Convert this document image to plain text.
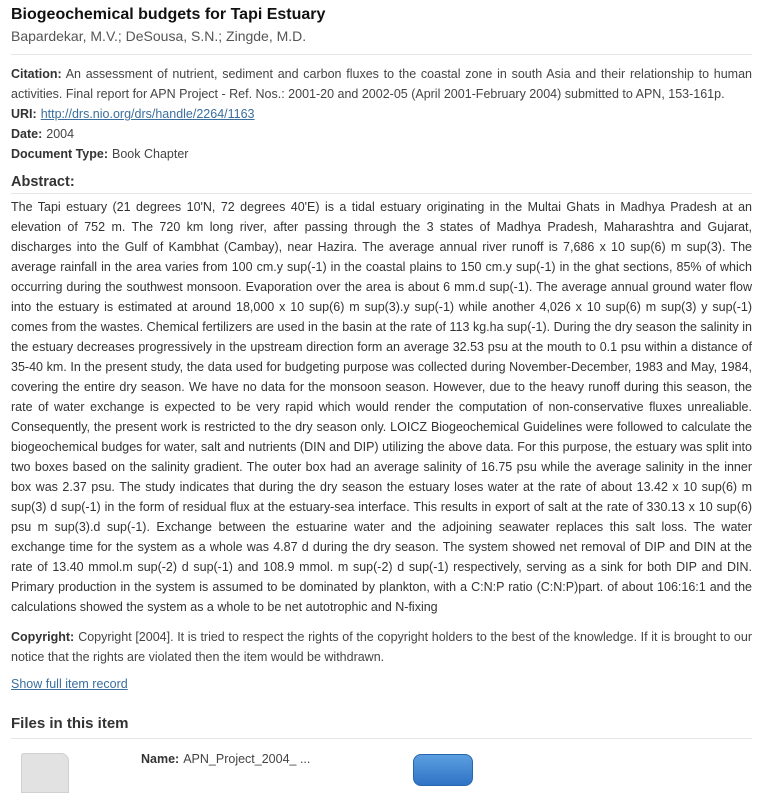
Biogeochemical budgets for Tapi Estuary
Bapardekar, M.V.; DeSousa, S.N.; Zingde, M.D.
Citation: An assessment of nutrient, sediment and carbon fluxes to the coastal zone in south Asia and their relationship to human activities. Final report for APN Project - Ref. Nos.: 2001-20 and 2002-05 (April 2001-February 2004) submitted to APN, 153-161p.
URI: http://drs.nio.org/drs/handle/2264/1163
Date: 2004
Document Type: Book Chapter
Abstract:
The Tapi estuary (21 degrees 10'N, 72 degrees 40'E) is a tidal estuary originating in the Multai Ghats in Madhya Pradesh at an elevation of 752 m. The 720 km long river, after passing through the 3 states of Madhya Pradesh, Maharashtra and Gujarat, discharges into the Gulf of Kambhat (Cambay), near Hazira. The average annual river runoff is 7,686 x 10 sup(6) m sup(3). The average rainfall in the area varies from 100 cm.y sup(-1) in the coastal plains to 150 cm.y sup(-1) in the ghat sections, 85% of which occurring during the southwest monsoon. Evaporation over the area is about 6 mm.d sup(-1). The average annual ground water flow into the estuary is estimated at around 18,000 x 10 sup(6) m sup(3).y sup(-1) while another 4,026 x 10 sup(6) m sup(3) y sup(-1) comes from the wastes. Chemical fertilizers are used in the basin at the rate of 113 kg.ha sup(-1). During the dry season the salinity in the estuary decreases progressively in the upstream direction form an average 32.53 psu at the mouth to 0.1 psu within a distance of 35-40 km. In the present study, the data used for budgeting purpose was collected during November-December, 1983 and May, 1984, covering the entire dry season. We have no data for the monsoon season. However, due to the heavy runoff during this season, the rate of water exchange is expected to be very rapid which would render the computation of non-conservative fluxes unrealiable. Consequently, the present work is restricted to the dry season only. LOICZ Biogeochemical Guidelines were followed to calculate the biogeochemical budges for water, salt and nutrients (DIN and DIP) utilizing the above data. For this purpose, the estuary was split into two boxes based on the salinity gradient. The outer box had an average salinity of 16.75 psu while the average salinity in the inner box was 2.37 psu. The study indicates that during the dry season the estuary loses water at the rate of about 13.42 x 10 sup(6) m sup(3) d sup(-1) in the form of residual flux at the estuary-sea interface. This results in export of salt at the rate of 330.13 x 10 sup(6) psu m sup(3).d sup(-1). Exchange between the estuarine water and the adjoining seawater replaces this salt loss. The water exchange time for the system as a whole was 4.87 d during the dry season. The system showed net removal of DIP and DIN at the rate of 13.40 mmol.m sup(-2) d sup(-1) and 108.9 mmol. m sup(-2) d sup(-1) respectively, serving as a sink for both DIP and DIN. Primary production in the system is assumed to be dominated by plankton, with a C:N:P ratio (C:N:P)part. of about 106:16:1 and the calculations showed the system as a whole to be net autotrophic and N-fixing
Copyright: Copyright [2004]. It is tried to respect the rights of the copyright holders to the best of the knowledge. If it is brought to our notice that the rights are violated then the item would be withdrawn.
Show full item record
Files in this item
Name: APN_Project_2004_ ...
